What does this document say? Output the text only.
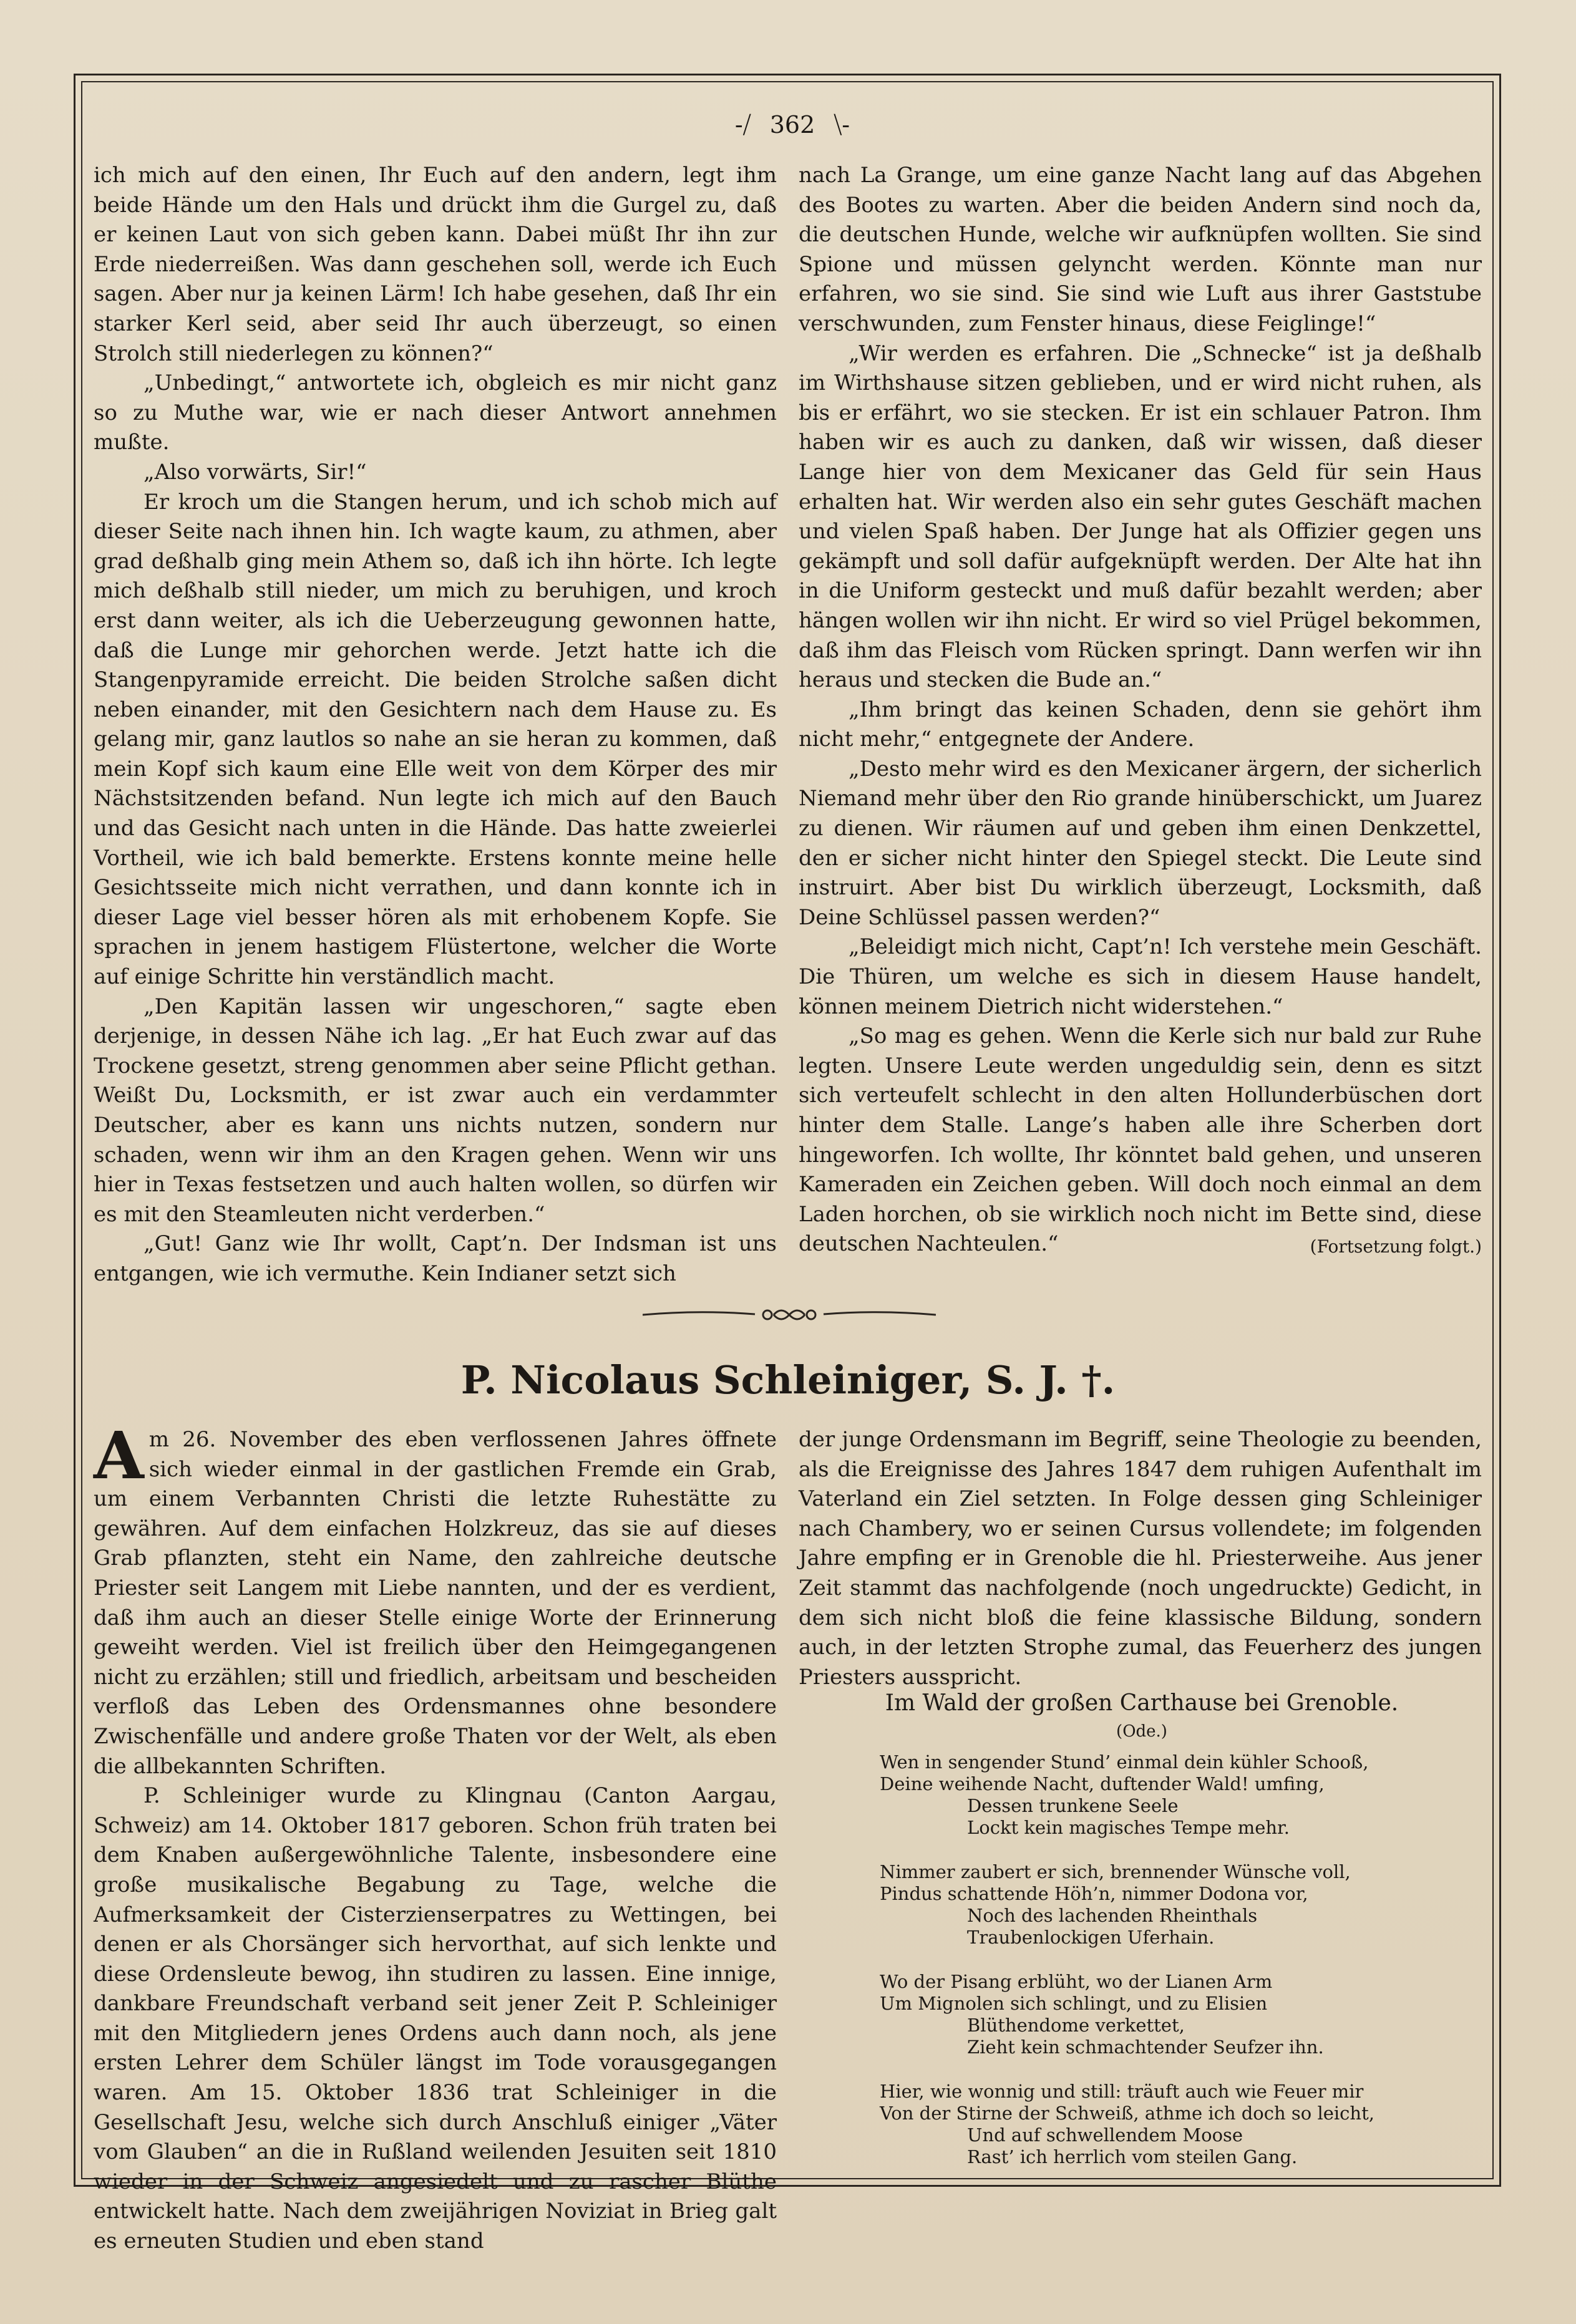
-⧸ 362 ⧹-

ich mich auf den einen, Ihr Euch auf den andern, legt ihm beide Hände um den Hals und drückt ihm die Gurgel zu, daß er keinen Laut von sich geben kann. Dabei müßt Ihr ihn zur Erde niederreißen. Was dann geschehen soll, werde ich Euch sagen. Aber nur ja keinen Lärm! Ich habe gesehen, daß Ihr ein starker Kerl seid, aber seid Ihr auch überzeugt, so einen Strolch still niederlegen zu können?“

„Unbedingt,“ antwortete ich, obgleich es mir nicht ganz so zu Muthe war, wie er nach dieser Antwort annehmen mußte.

„Also vorwärts, Sir!“

Er kroch um die Stangen herum, und ich schob mich auf dieser Seite nach ihnen hin. Ich wagte kaum, zu athmen, aber grad deßhalb ging mein Athem so, daß ich ihn hörte. Ich legte mich deßhalb still nieder, um mich zu beruhigen, und kroch erst dann weiter, als ich die Ueberzeugung gewonnen hatte, daß die Lunge mir gehorchen werde. Jetzt hatte ich die Stangenpyramide erreicht. Die beiden Strolche saßen dicht neben einander, mit den Gesichtern nach dem Hause zu. Es gelang mir, ganz lautlos so nahe an sie heran zu kommen, daß mein Kopf sich kaum eine Elle weit von dem Körper des mir Nächstsitzenden befand. Nun legte ich mich auf den Bauch und das Gesicht nach unten in die Hände. Das hatte zweierlei Vortheil, wie ich bald bemerkte. Erstens konnte meine helle Gesichtsseite mich nicht verrathen, und dann konnte ich in dieser Lage viel besser hören als mit erhobenem Kopfe. Sie sprachen in jenem hastigem Flüstertone, welcher die Worte auf einige Schritte hin verständlich macht.

„Den Kapitän lassen wir ungeschoren,“ sagte eben derjenige, in dessen Nähe ich lag. „Er hat Euch zwar auf das Trockene gesetzt, streng genommen aber seine Pflicht gethan. Weißt Du, Locksmith, er ist zwar auch ein verdammter Deutscher, aber es kann uns nichts nutzen, sondern nur schaden, wenn wir ihm an den Kragen gehen. Wenn wir uns hier in Texas festsetzen und auch halten wollen, so dürfen wir es mit den Steamleuten nicht verderben.“

„Gut! Ganz wie Ihr wollt, Capt’n. Der Indsman ist uns entgangen, wie ich vermuthe. Kein Indianer setzt sich

nach La Grange, um eine ganze Nacht lang auf das Abgehen des Bootes zu warten. Aber die beiden Andern sind noch da, die deutschen Hunde, welche wir aufknüpfen wollten. Sie sind Spione und müssen gelyncht werden. Könnte man nur erfahren, wo sie sind. Sie sind wie Luft aus ihrer Gaststube verschwunden, zum Fenster hinaus, diese Feiglinge!“

„Wir werden es erfahren. Die „Schnecke“ ist ja deßhalb im Wirthshause sitzen geblieben, und er wird nicht ruhen, als bis er erfährt, wo sie stecken. Er ist ein schlauer Patron. Ihm haben wir es auch zu danken, daß wir wissen, daß dieser Lange hier von dem Mexicaner das Geld für sein Haus erhalten hat. Wir werden also ein sehr gutes Geschäft machen und vielen Spaß haben. Der Junge hat als Offizier gegen uns gekämpft und soll dafür aufgeknüpft werden. Der Alte hat ihn in die Uniform gesteckt und muß dafür bezahlt werden; aber hängen wollen wir ihn nicht. Er wird so viel Prügel bekommen, daß ihm das Fleisch vom Rücken springt. Dann werfen wir ihn heraus und stecken die Bude an.“

„Ihm bringt das keinen Schaden, denn sie gehört ihm nicht mehr,“ entgegnete der Andere.

„Desto mehr wird es den Mexicaner ärgern, der sicherlich Niemand mehr über den Rio grande hinüberschickt, um Juarez zu dienen. Wir räumen auf und geben ihm einen Denkzettel, den er sicher nicht hinter den Spiegel steckt. Die Leute sind instruirt. Aber bist Du wirklich überzeugt, Locksmith, daß Deine Schlüssel passen werden?“

„Beleidigt mich nicht, Capt’n! Ich verstehe mein Geschäft. Die Thüren, um welche es sich in diesem Hause handelt, können meinem Dietrich nicht widerstehen.“

„So mag es gehen. Wenn die Kerle sich nur bald zur Ruhe legten. Unsere Leute werden ungeduldig sein, denn es sitzt sich verteufelt schlecht in den alten Hollunderbüschen dort hinter dem Stalle. Lange’s haben alle ihre Scherben dort hingeworfen. Ich wollte, Ihr könntet bald gehen, und unseren Kameraden ein Zeichen geben. Will doch noch einmal an dem Laden horchen, ob sie wirklich noch nicht im Bette sind, diese deutschen Nachteulen.“	(Fortsetzung folgt.)
P. Nicolaus Schleiniger, S. J. †.

Am 26. November des eben verflossenen Jahres öffnete sich wieder einmal in der gastlichen Fremde ein Grab, um einem Verbannten Christi die letzte Ruhestätte zu gewähren. Auf dem einfachen Holzkreuz, das sie auf dieses Grab pflanzten, steht ein Name, den zahlreiche deutsche Priester seit Langem mit Liebe nannten, und der es verdient, daß ihm auch an dieser Stelle einige Worte der Erinnerung geweiht werden. Viel ist freilich über den Heimgegangenen nicht zu erzählen; still und friedlich, arbeitsam und bescheiden verfloß das Leben des Ordensmannes ohne besondere Zwischenfälle und andere große Thaten vor der Welt, als eben die allbekannten Schriften.

P. Schleiniger wurde zu Klingnau (Canton Aargau, Schweiz) am 14. Oktober 1817 geboren. Schon früh traten bei dem Knaben außergewöhnliche Talente, insbesondere eine große musikalische Begabung zu Tage, welche die Aufmerksamkeit der Cisterzienserpatres zu Wettingen, bei denen er als Chorsänger sich hervorthat, auf sich lenkte und diese Ordensleute bewog, ihn studiren zu lassen. Eine innige, dankbare Freundschaft verband seit jener Zeit P. Schleiniger mit den Mitgliedern jenes Ordens auch dann noch, als jene ersten Lehrer dem Schüler längst im Tode vorausgegangen waren. Am 15. Oktober 1836 trat Schleiniger in die Gesellschaft Jesu, welche sich durch Anschluß einiger „Väter vom Glauben“ an die in Rußland weilenden Jesuiten seit 1810 wieder in der Schweiz angesiedelt und zu rascher Blüthe entwickelt hatte. Nach dem zweijährigen Noviziat in Brieg galt es erneuten Studien und eben stand

der junge Ordensmann im Begriff, seine Theologie zu beenden, als die Ereignisse des Jahres 1847 dem ruhigen Aufenthalt im Vaterland ein Ziel setzten. In Folge dessen ging Schleiniger nach Chambery, wo er seinen Cursus vollendete; im folgenden Jahre empfing er in Grenoble die hl. Priesterweihe. Aus jener Zeit stammt das nachfolgende (noch ungedruckte) Gedicht, in dem sich nicht bloß die feine klassische Bildung, sondern auch, in der letzten Strophe zumal, das Feuerherz des jungen Priesters ausspricht.

Im Wald der großen Carthause bei Grenoble.
(Ode.)
Wen in sengender Stund’ einmal dein kühler Schooß,
Deine weihende Nacht, duftender Wald! umfing,
Dessen trunkene Seele
Lockt kein magisches Tempe mehr.
Nimmer zaubert er sich, brennender Wünsche voll,
Pindus schattende Höh’n, nimmer Dodona vor,
Noch des lachenden Rheinthals
Traubenlockigen Uferhain.
Wo der Pisang erblüht, wo der Lianen Arm
Um Mignolen sich schlingt, und zu Elisien
Blüthendome verkettet,
Zieht kein schmachtender Seufzer ihn.
Hier, wie wonnig und still: träuft auch wie Feuer mir
Von der Stirne der Schweiß, athme ich doch so leicht,
Und auf schwellendem Moose
Rast’ ich herrlich vom steilen Gang.
